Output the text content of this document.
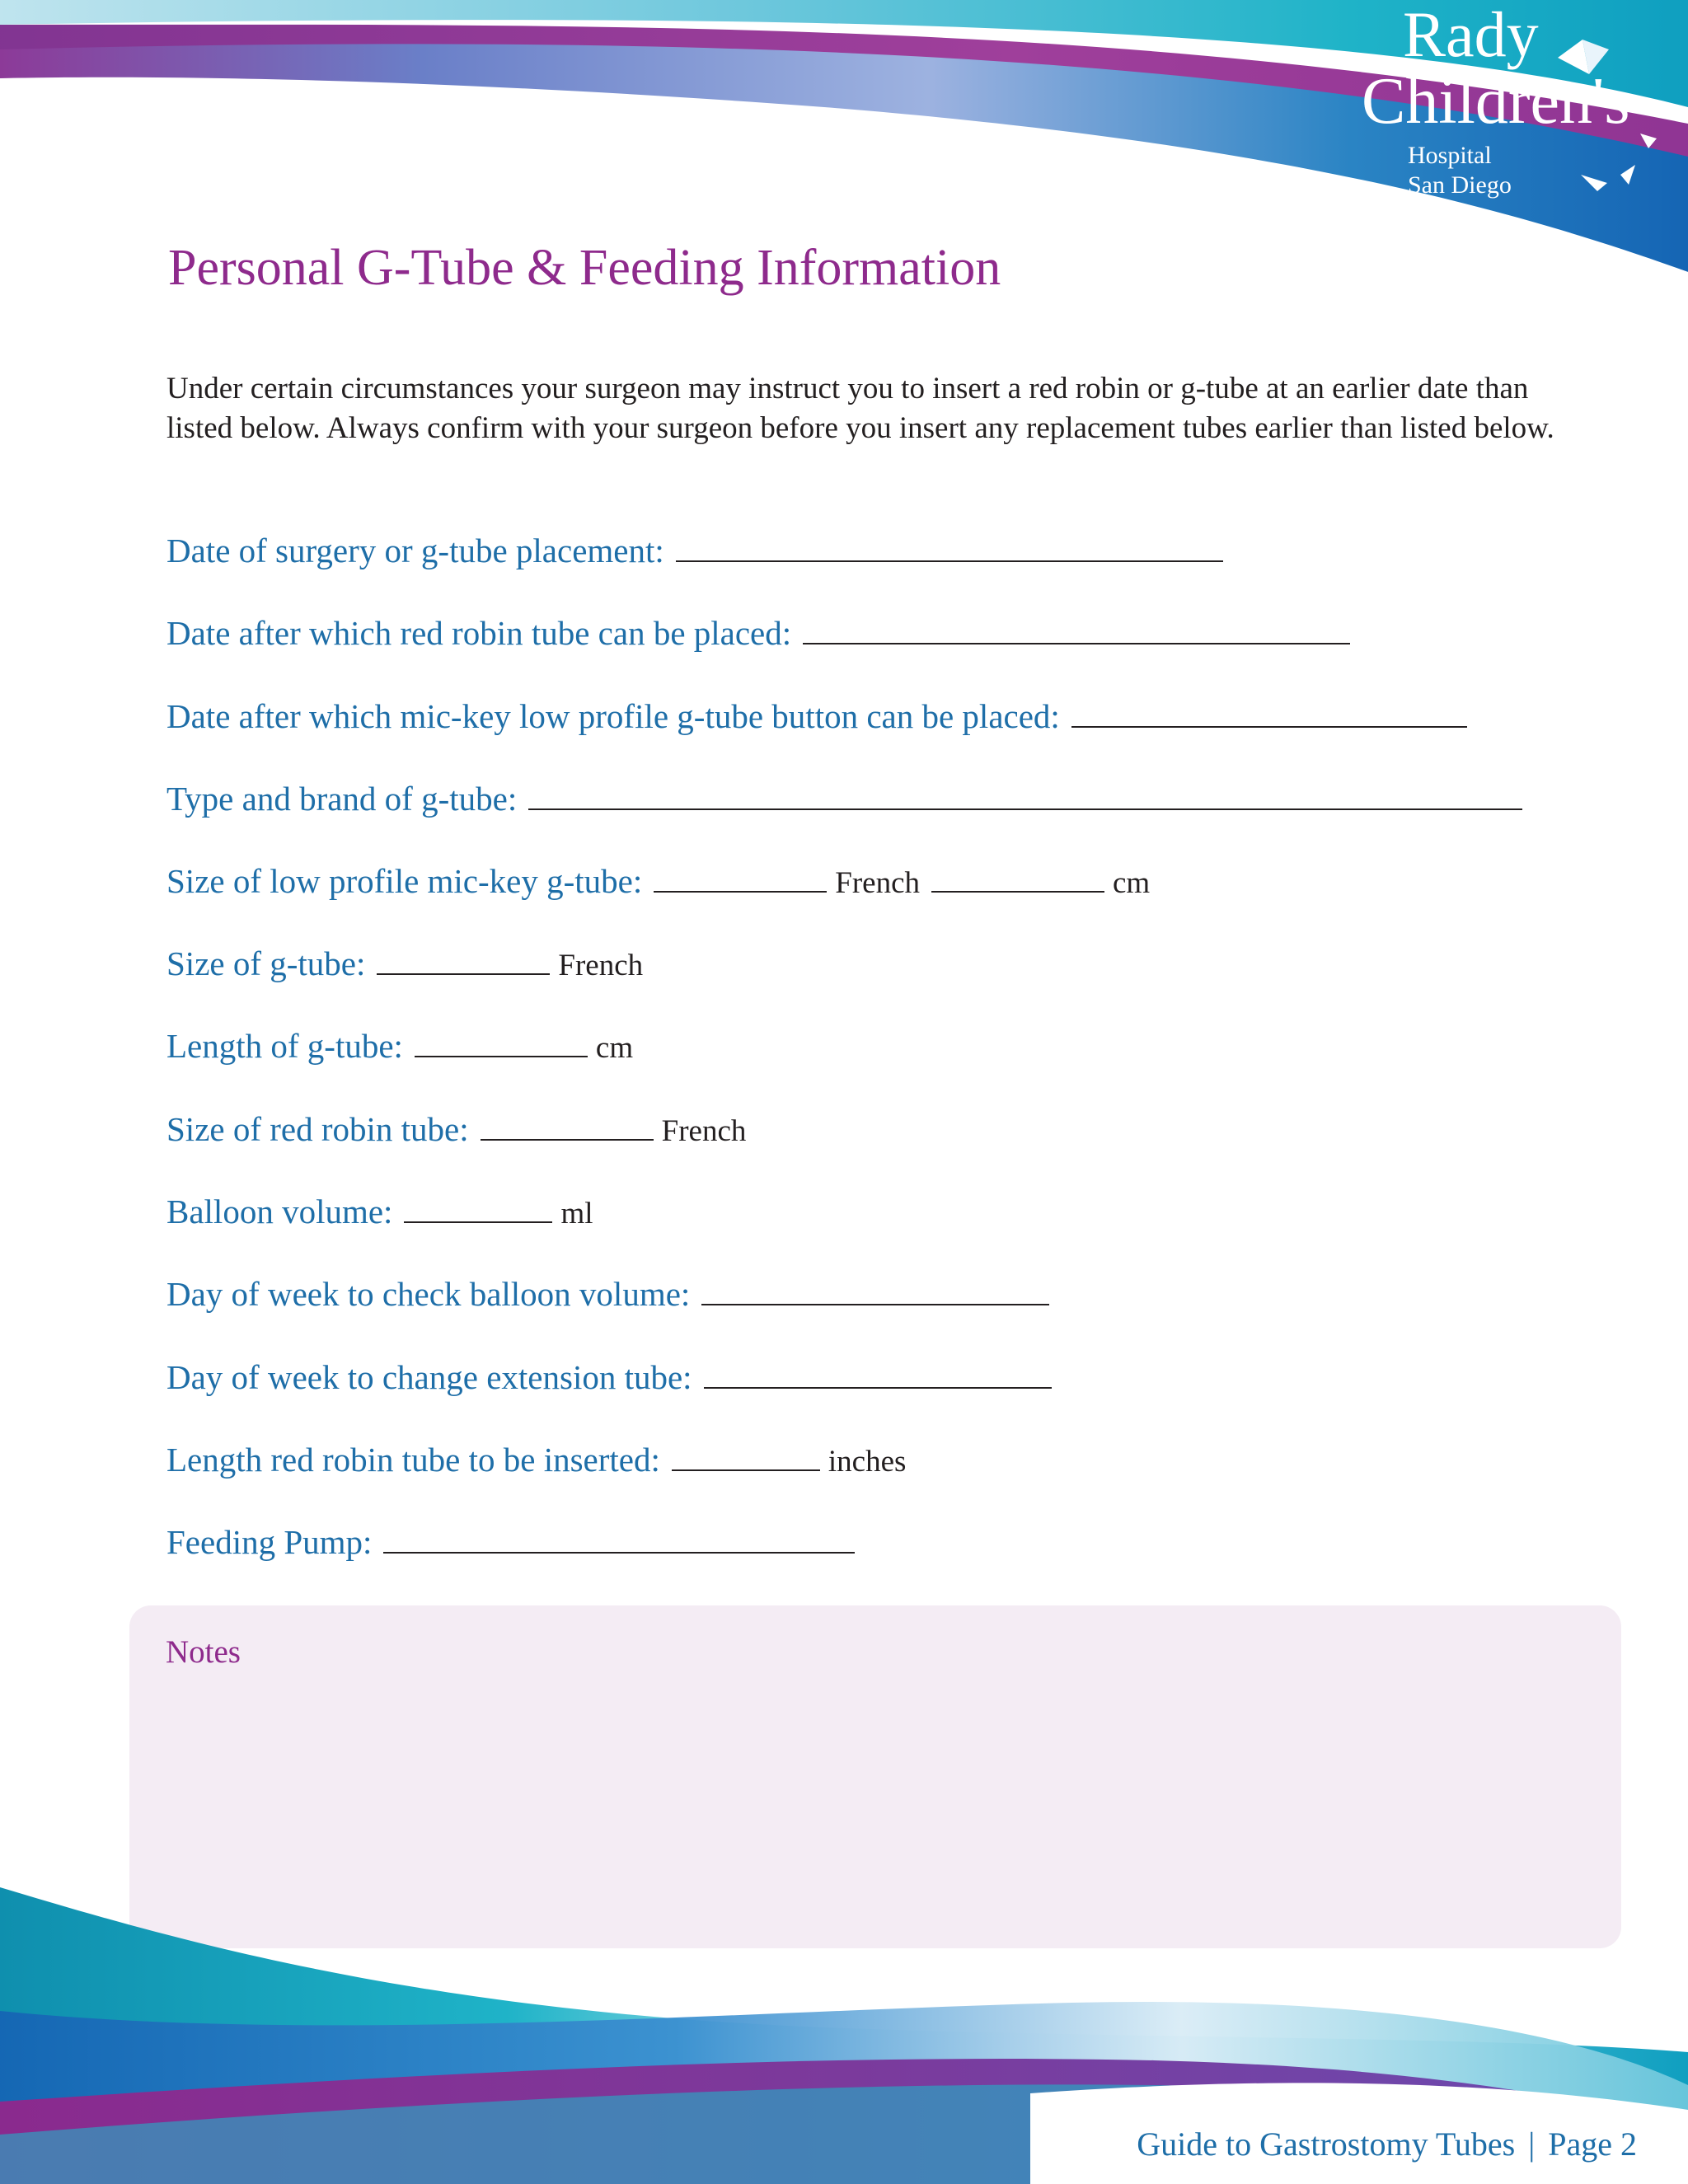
Rady
Children's
Hospital
San Diego
Personal G-Tube & Feeding Information

Under certain circumstances your surgeon may instruct you to insert a red robin or g-tube at an earlier date than listed below. Always confirm with your surgeon before you insert any replacement tubes earlier than listed below.

Date of surgery or g-tube placement:
Date after which red robin tube can be placed:
Date after which mic-key low profile g-tube button can be placed:
Type and brand of g-tube:
Size of low profile mic-key g-tube:	French	cm
Size of g-tube:	French
Length of g-tube:	cm
Size of red robin tube:	French
Balloon volume:	ml
Day of week to check balloon volume:
Day of week to change extension tube:
Length red robin tube to be inserted:	inches
Feeding Pump:
Notes
Guide to Gastrostomy Tubes | Page 2
